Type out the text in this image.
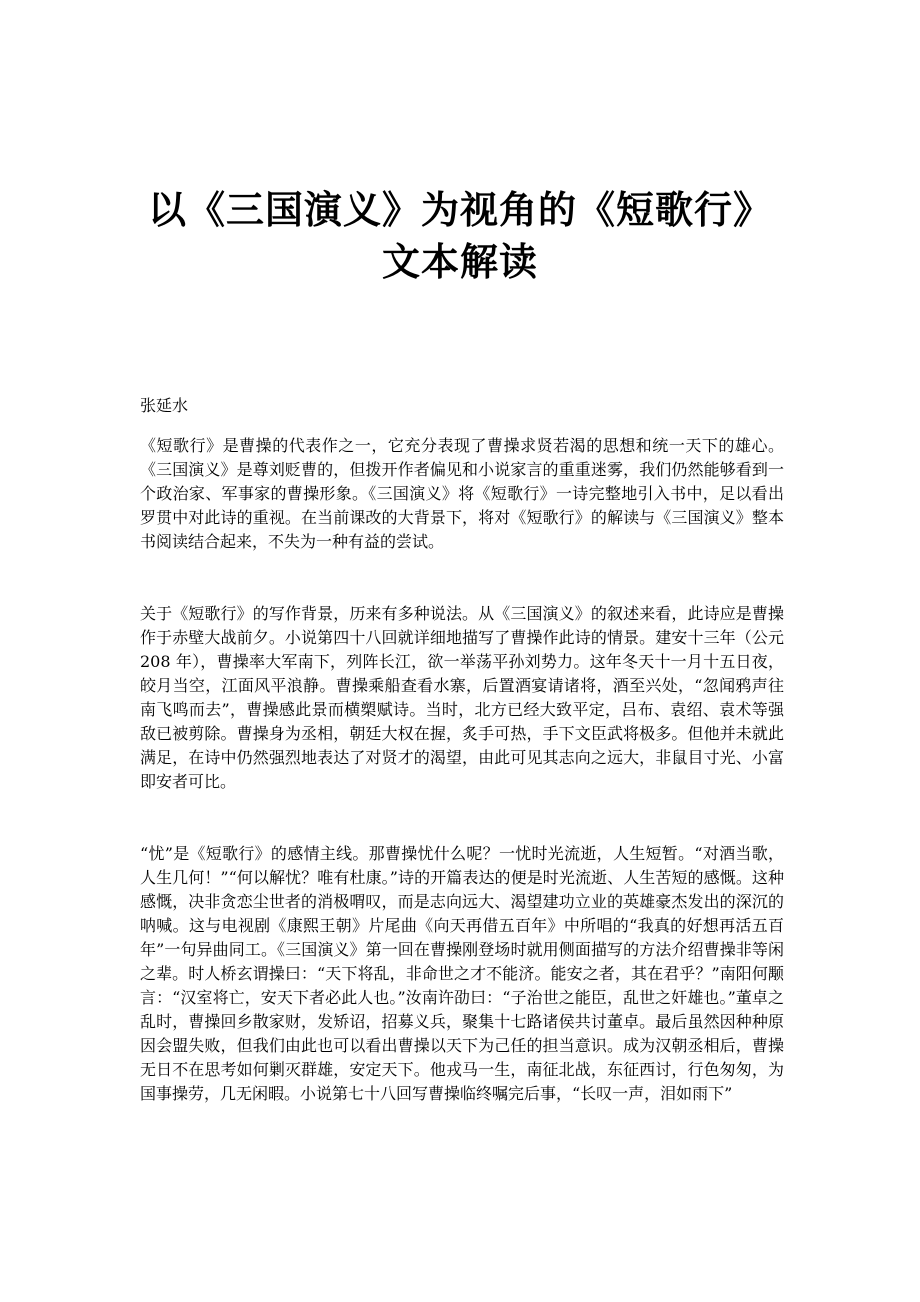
以《三国演义》为视角的《短歌行》文本解读

张延水

《短歌行》是曹操的代表作之一，它充分表现了曹操求贤若渴的思想和统一天下的雄心。《三国演义》是尊刘贬曹的，但拨开作者偏见和小说家言的重重迷雾，我们仍然能够看到一个政治家、军事家的曹操形象。《三国演义》将《短歌行》一诗完整地引入书中，足以看出罗贯中对此诗的重视。在当前课改的大背景下，将对《短歌行》的解读与《三国演义》整本书阅读结合起来，不失为一种有益的尝试。

关于《短歌行》的写作背景，历来有多种说法。从《三国演义》的叙述来看，此诗应是曹操作于赤壁大战前夕。小说第四十八回就详细地描写了曹操作此诗的情景。建安十三年（公元 208 年），曹操率大军南下，列阵长江，欲一举荡平孙刘势力。这年冬天十一月十五日夜，皎月当空，江面风平浪静。曹操乘船查看水寨，后置酒宴请诸将，酒至兴处，“忽闻鸦声往南飞鸣而去”，曹操感此景而横槊赋诗。当时，北方已经大致平定，吕布、袁绍、袁术等强敌已被剪除。曹操身为丞相，朝廷大权在握，炙手可热，手下文臣武将极多。但他并未就此满足，在诗中仍然强烈地表达了对贤才的渴望，由此可见其志向之远大，非鼠目寸光、小富即安者可比。

“忧”是《短歌行》的感情主线。那曹操忧什么呢？一忧时光流逝，人生短暂。“对酒当歌，人生几何！”“何以解忧？唯有杜康。”诗的开篇表达的便是时光流逝、人生苦短的感慨。这种感慨，决非贪恋尘世者的消极喟叹，而是志向远大、渴望建功立业的英雄豪杰发出的深沉的呐喊。这与电视剧《康熙王朝》片尾曲《向天再借五百年》中所唱的“我真的好想再活五百年”一句异曲同工。《三国演义》第一回在曹操刚登场时就用侧面描写的方法介绍曹操非等闲之辈。时人桥玄谓操曰：“天下将乱，非命世之才不能济。能安之者，其在君乎？”南阳何颙言：“汉室将亡，安天下者必此人也。”汝南许劭曰：“子治世之能臣，乱世之奸雄也。”董卓之乱时，曹操回乡散家财，发矫诏，招募义兵，聚集十七路诸侯共讨董卓。最后虽然因种种原因会盟失败，但我们由此也可以看出曹操以天下为己任的担当意识。成为汉朝丞相后，曹操无日不在思考如何剿灭群雄，安定天下。他戎马一生，南征北战，东征西讨，行色匆匆，为国事操劳，几无闲暇。小说第七十八回写曹操临终嘱完后事，“长叹一声，泪如雨下”
